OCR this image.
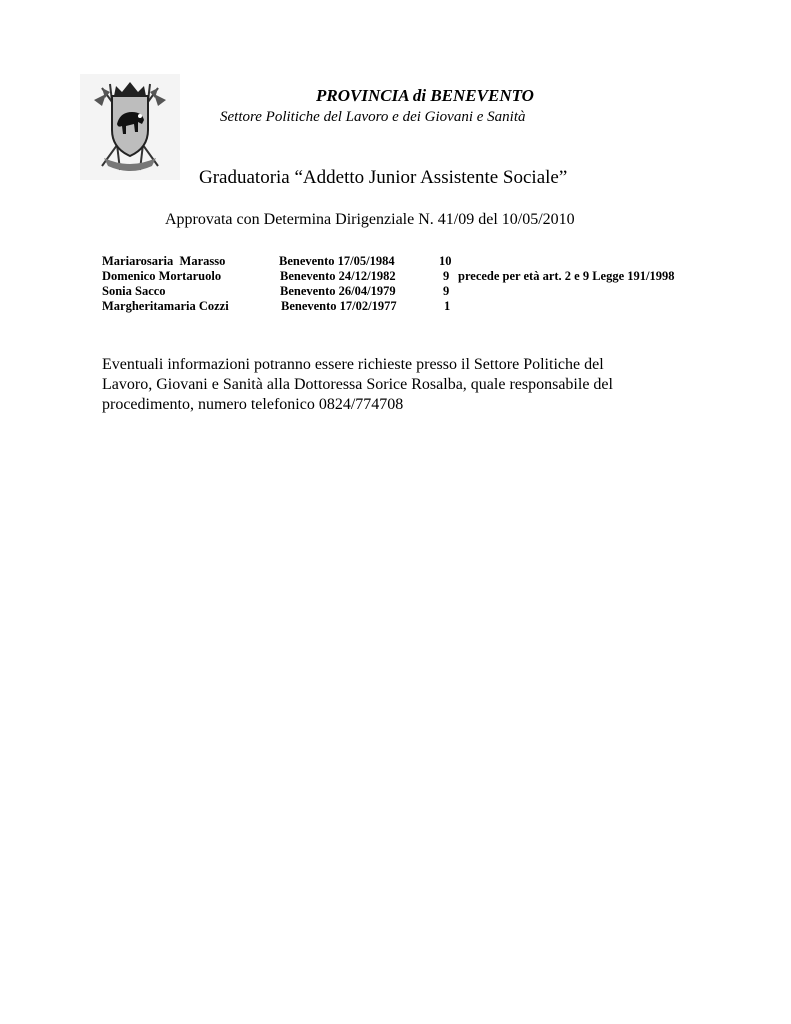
PROVINCIA di BENEVENTO
Settore Politiche del Lavoro e dei Giovani e Sanità
Graduatoria “Addetto Junior Assistente Sociale”
Approvata con Determina Dirigenziale N. 41/09 del 10/05/2010
Mariarosaria  Marasso	Benevento 17/05/1984	10
Domenico Mortaruolo	Benevento 24/12/1982	9 precede per età art. 2 e 9 Legge 191/1998
Sonia Sacco	Benevento 26/04/1979	9
Margheritamaria Cozzi	Benevento 17/02/1977	1

Eventuali informazioni potranno essere richieste presso il Settore Politiche del

Lavoro, Giovani e Sanità alla Dottoressa Sorice Rosalba, quale responsabile del

procedimento, numero telefonico 0824/774708
